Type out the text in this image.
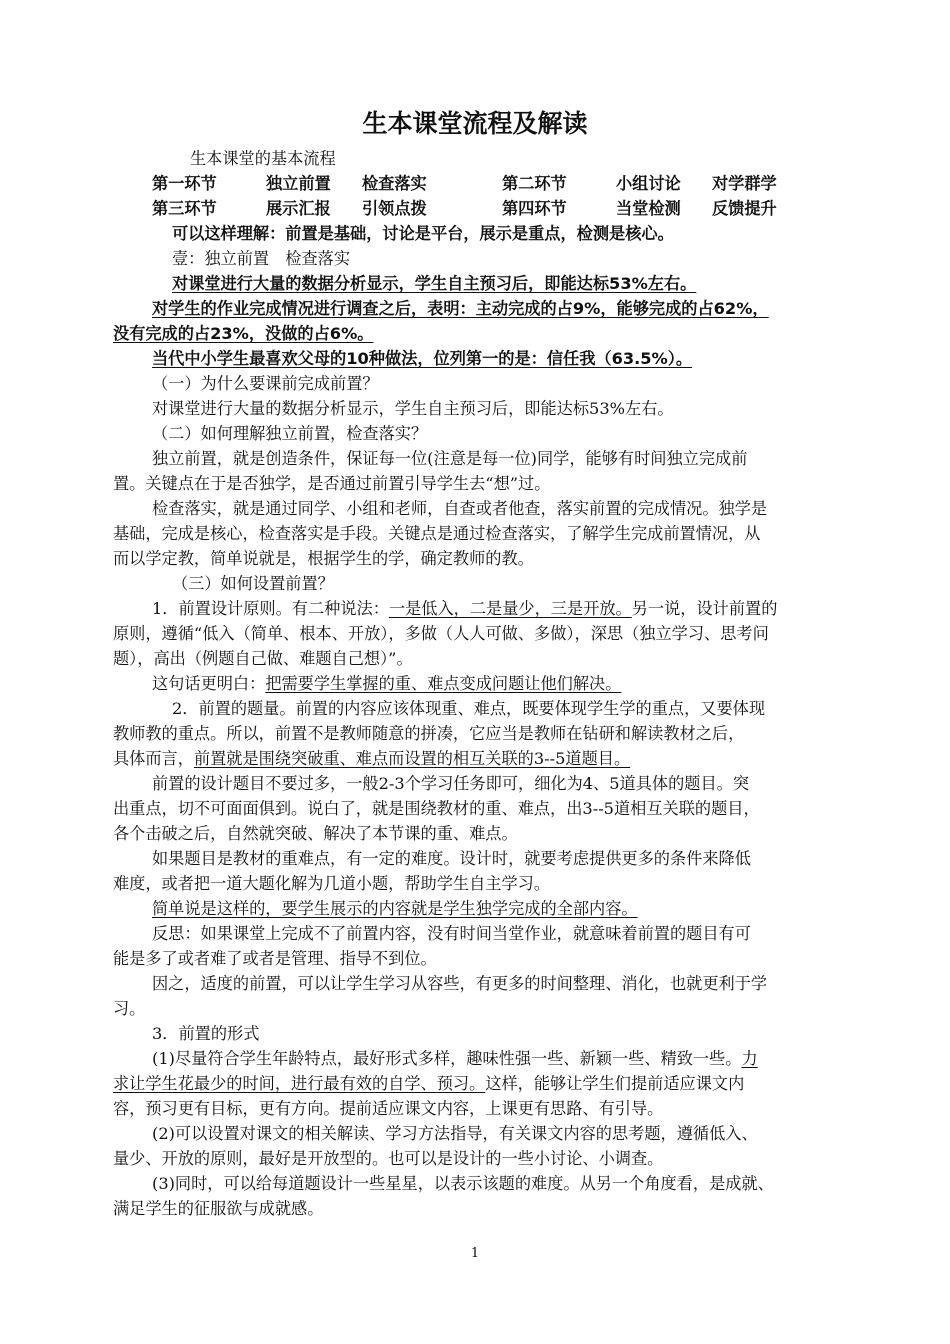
生本课堂流程及解读
生本课堂的基本流程
第一环节	独立前置 检查落实	第二环节	小组讨论 对学群学
第三环节	展示汇报 引领点拨	第四环节	当堂检测 反馈提升
可以这样理解：前置是基础，讨论是平台，展示是重点，检测是核心。
壹：独立前置　检查落实
对课堂进行大量的数据分析显示，学生自主预习后，即能达标53%左右。
对学生的作业完成情况进行调查之后，表明：主动完成的占9%，能够完成的占62%，
没有完成的占23%，没做的占6%。
当代中小学生最喜欢父母的10种做法，位列第一的是：信任我（63.5%）。
（一）为什么要课前完成前置？
对课堂进行大量的数据分析显示，学生自主预习后，即能达标53%左右。
（二）如何理解独立前置，检查落实？
独立前置，就是创造条件，保证每一位(注意是每一位)同学，能够有时间独立完成前
置。关键点在于是否独学，是否通过前置引导学生去“想”过。
检查落实，就是通过同学、小组和老师，自查或者他查，落实前置的完成情况。独学是
基础，完成是核心，检查落实是手段。关键点是通过检查落实，了解学生完成前置情况，从
而以学定教，简单说就是，根据学生的学，确定教师的教。
（三）如何设置前置？
1．前置设计原则。有二种说法：一是低入，二是量少，三是开放。另一说，设计前置的
原则，遵循“低入（简单、根本、开放），多做（人人可做、多做），深思（独立学习、思考问
题），高出（例题自己做、难题自己想）”。
这句话更明白：把需要学生掌握的重、难点变成问题让他们解决。
2．前置的题量。前置的内容应该体现重、难点，既要体现学生学的重点，又要体现
教师教的重点。所以，前置不是教师随意的拼凑，它应当是教师在钻研和解读教材之后，
具体而言，前置就是围绕突破重、难点而设置的相互关联的3--5道题目。
前置的设计题目不要过多，一般2-3个学习任务即可，细化为4、5道具体的题目。突
出重点，切不可面面俱到。说白了，就是围绕教材的重、难点，出3--5道相互关联的题目，
各个击破之后，自然就突破、解决了本节课的重、难点。
如果题目是教材的重难点，有一定的难度。设计时，就要考虑提供更多的条件来降低
难度，或者把一道大题化解为几道小题，帮助学生自主学习。
简单说是这样的，要学生展示的内容就是学生独学完成的全部内容。
反思：如果课堂上完成不了前置内容，没有时间当堂作业，就意味着前置的题目有可
能是多了或者难了或者是管理、指导不到位。
因之，适度的前置，可以让学生学习从容些，有更多的时间整理、消化，也就更利于学
习。
3．前置的形式
(1)尽量符合学生年龄特点，最好形式多样，趣味性强一些、新颖一些、精致一些。力
求让学生花最少的时间，进行最有效的自学、预习。这样，能够让学生们提前适应课文内
容，预习更有目标，更有方向。提前适应课文内容，上课更有思路、有引导。
(2)可以设置对课文的相关解读、学习方法指导，有关课文内容的思考题，遵循低入、
量少、开放的原则，最好是开放型的。也可以是设计的一些小讨论、小调查。
(3)同时，可以给每道题设计一些星星，以表示该题的难度。从另一个角度看，是成就、
满足学生的征服欲与成就感。
1
